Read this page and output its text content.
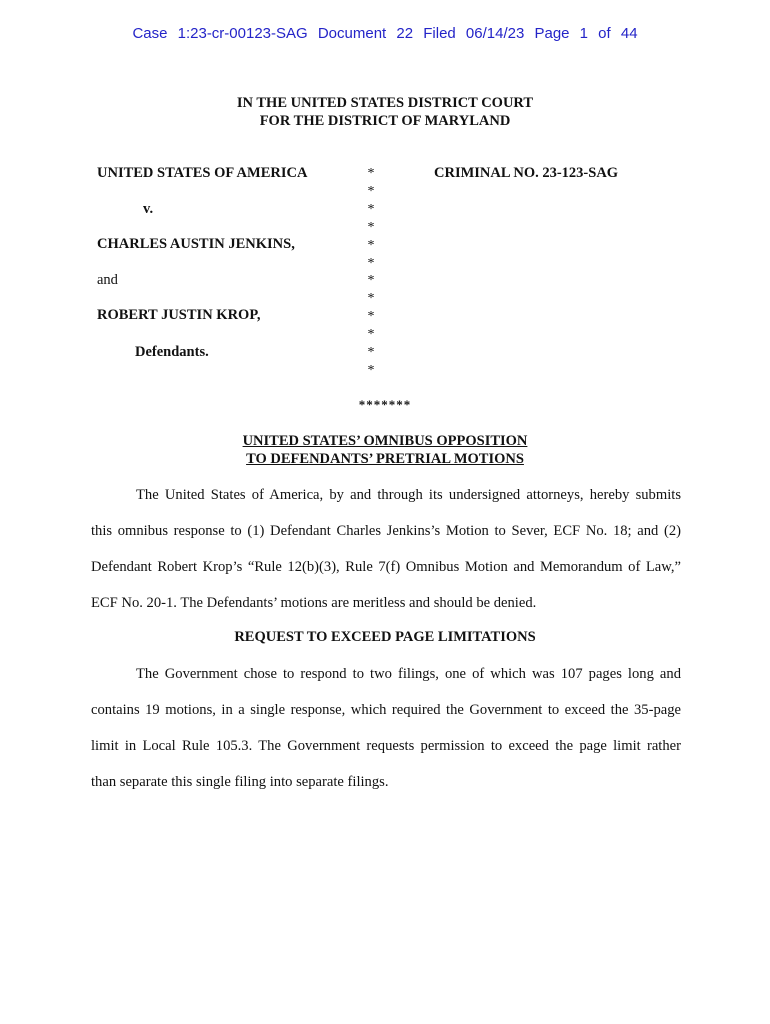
Case 1:23-cr-00123-SAG Document 22 Filed 06/14/23 Page 1 of 44
IN THE UNITED STATES DISTRICT COURT
FOR THE DISTRICT OF MARYLAND
UNITED STATES OF AMERICA	CRIMINAL NO. 23-123-SAG
v.
CHARLES AUSTIN JENKINS,
and
ROBERT JUSTIN KROP,
Defendants.
*
*
*
*
*
*
*
*
*
*
*
*
*******
UNITED STATES’ OMNIBUS OPPOSITION
TO DEFENDANTS’ PRETRIAL MOTIONS
The United States of America, by and through its undersigned attorneys, hereby submits
this omnibus response to (1) Defendant Charles Jenkins’s Motion to Sever, ECF No. 18; and (2)
Defendant Robert Krop’s “Rule 12(b)(3), Rule 7(f) Omnibus Motion and Memorandum of Law,”
ECF No. 20-1. The Defendants’ motions are meritless and should be denied.
REQUEST TO EXCEED PAGE LIMITATIONS
The Government chose to respond to two filings, one of which was 107 pages long and
contains 19 motions, in a single response, which required the Government to exceed the 35-page
limit in Local Rule 105.3. The Government requests permission to exceed the page limit rather
than separate this single filing into separate filings.
